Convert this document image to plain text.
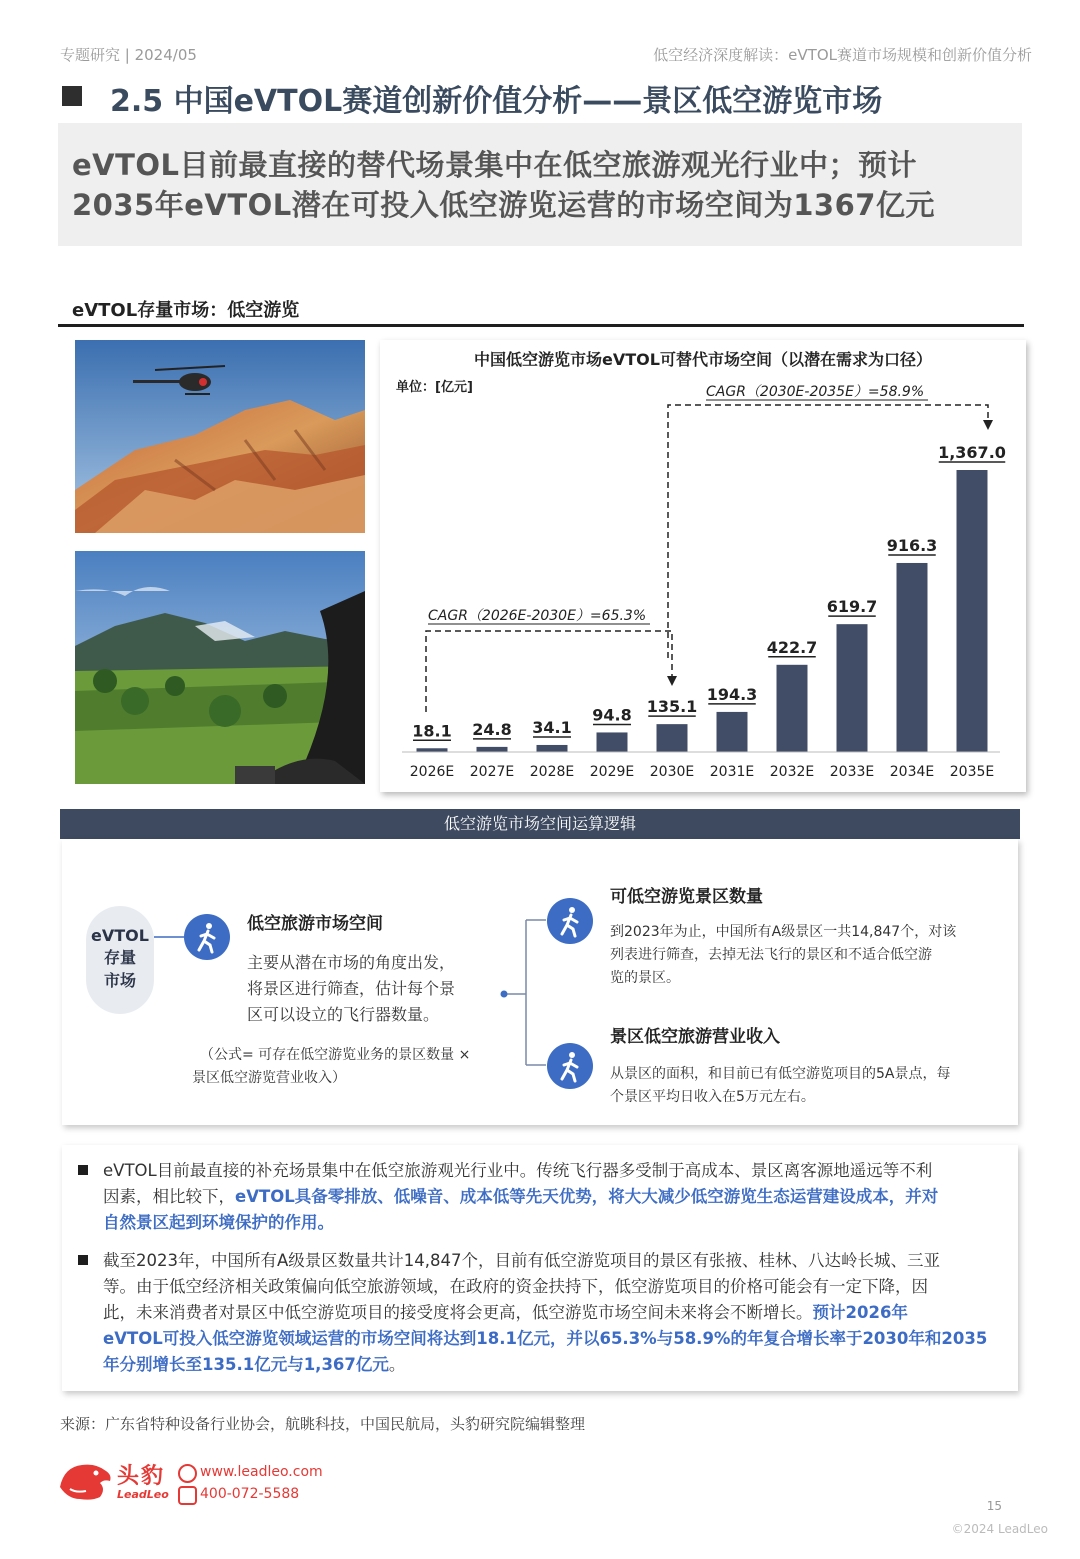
专题研究 | 2024/05	低空经济深度解读：eVTOL赛道市场规模和创新价值分析
2.5 中国eVTOL赛道创新价值分析——景区低空游览市场
eVTOL目前最直接的替代场景集中在低空旅游观光行业中；预计
2035年eVTOL潜在可投入低空游览运营的市场空间为1367亿元
eVTOL存量市场：低空游览
中国低空游览市场eVTOL可替代市场空间（以潜在需求为口径）
单位：[亿元]
18.1
2026E
24.8
2027E
34.1
2028E
94.8
2029E
135.1
2030E
194.3
2031E
422.7
2032E
619.7
2033E
916.3
2034E
1,367.0
2035E
CAGR（2026E-2030E）=65.3%
CAGR（2030E-2035E）=58.9%
低空游览市场空间运算逻辑
eVTOL
存量
市场
低空旅游市场空间
主要从潜在市场的角度出发，
将景区进行筛查，估计每个景
区可以设立的飞行器数量。
（公式= 可存在低空游览业务的景区数量 ×
景区低空游览营业收入）
可低空游览景区数量
到2023年为止，中国所有A级景区一共14,847个，对该
列表进行筛查，去掉无法飞行的景区和不适合低空游
览的景区。
景区低空旅游营业收入
从景区的面积，和目前已有低空游览项目的5A景点，每
个景区平均日收入在5万元左右。
eVTOL目前最直接的补充场景集中在低空旅游观光行业中。传统飞行器多受制于高成本、景区离客源地遥远等不利
因素，相比较下，eVTOL具备零排放、低噪音、成本低等先天优势，将大大减少低空游览生态运营建设成本，并对
自然景区起到环境保护的作用。
截至2023年，中国所有A级景区数量共计14,847个，目前有低空游览项目的景区有张掖、桂林、八达岭长城、三亚
等。由于低空经济相关政策偏向低空旅游领域，在政府的资金扶持下，低空游览项目的价格可能会有一定下降，因
此，未来消费者对景区中低空游览项目的接受度将会更高，低空游览市场空间未来将会不断增长。预计2026年
eVTOL可投入低空游览领域运营的市场空间将达到18.1亿元，并以65.3%与58.9%的年复合增长率于2030年和2035
年分别增长至135.1亿元与1,367亿元。
来源：广东省特种设备行业协会，航眺科技，中国民航局，头豹研究院编辑整理
头豹
LeadLeo
www.leadleo.com
400-072-5588
15
©2024 LeadLeo
